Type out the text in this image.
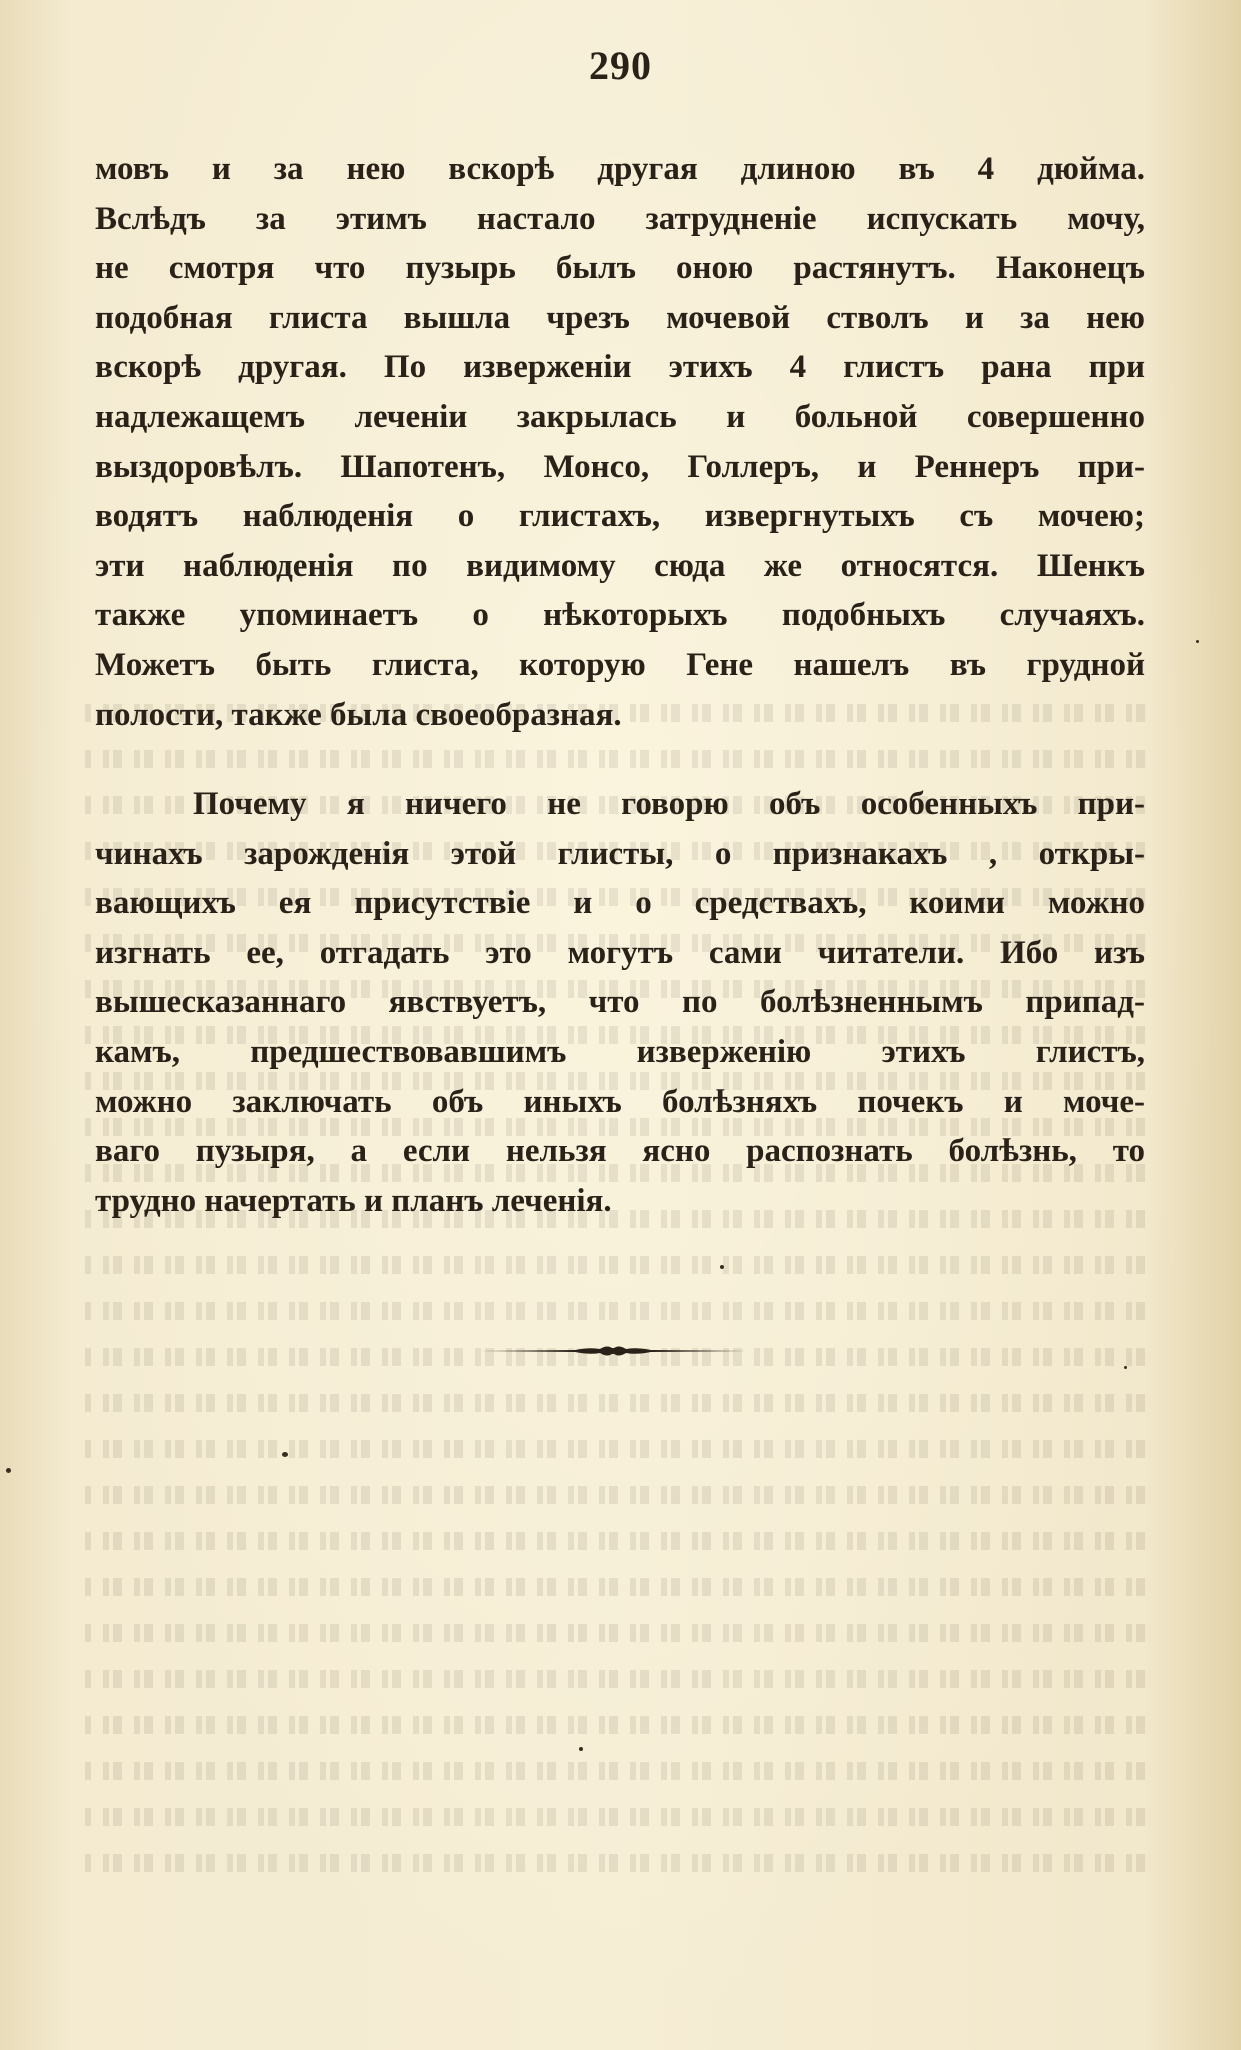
290
мовъ и за нею вскорѣ другая длиною въ 4 дюйма.
Вслѣдъ за этимъ настало затрудненіе испускать мочу,
не смотря что пузырь былъ оною растянутъ. Наконецъ
подобная глиста вышла чрезъ мочевой стволъ и за нею
вскорѣ другая. По изверженіи этихъ 4 глистъ рана при
надлежащемъ леченіи закрылась и больной совершенно
выздоровѣлъ. Шапотенъ, Монсо, Голлеръ, и Реннеръ при-
водятъ наблюденія о глистахъ, извергнутыхъ съ мочею;
эти наблюденія по видимому сюда же относятся. Шенкъ
также упоминаетъ о нѣкоторыхъ подобныхъ случаяхъ.
Можетъ быть глиста, которую Гене нашелъ въ грудной
полости, также была своеобразная.
Почему я ничего не говорю объ особенныхъ при-
чинахъ зарожденія этой глисты, о признакахъ , откры-
вающихъ ея присутствіе и о средствахъ, коими можно
изгнать ее, отгадать это могутъ сами читатели. Ибо изъ
вышесказаннаго явствуетъ, что по болѣзненнымъ припад-
камъ, предшествовавшимъ изверженію этихъ глистъ,
можно заключать объ иныхъ болѣзняхъ почекъ и моче-
ваго пузыря, а если нельзя ясно распознать болѣзнь, то
трудно начертать и планъ леченія.
